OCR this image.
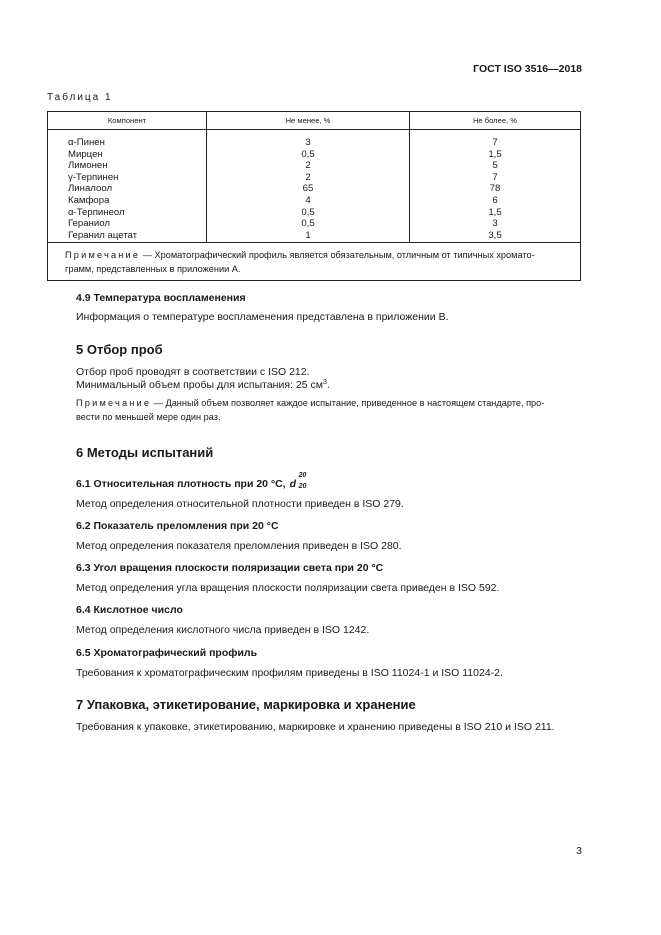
ГОСТ ISO 3516—2018
Таблица 1
Компонент	Не менее, %	Не более, %
α-Пинен	3	7
Мирцен	0,5	1,5
Лимонен	2	5
γ-Терпинен	2	7
Линалоол	65	78
Камфора	4	6
α-Терпинеол	0,5	1,5
Гераниол	0,5	3
Геранил ацетат	1	3,5
Примечание — Хроматографический профиль является обязательным, отличным от типичных хромато-
грамм, представленных в приложении А.		
4.9 Температура воспламенения
Информация о температуре воспламенения представлена в приложении В.
5 Отбор проб
Отбор проб проводят в соответствии с ISO 212.
Минимальный объем пробы для испытания: 25 $см^3$.
Примечание — Данный объем позволяет каждое испытание, приведенное в настоящем стандарте, про-
вести по меньшей мере один раз.
6 Методы испытаний
6.1 Относительная плотность при 20 °С, d
20
20
Метод определения относительной плотности приведен в ISO 279.
6.2 Показатель преломления при 20 °С
Метод определения показателя преломления приведен в ISO 280.
6.3 Угол вращения плоскости поляризации света при 20 °С
Метод определения угла вращения плоскости поляризации света приведен в ISO 592.
6.4 Кислотное число
Метод определения кислотного числа приведен в ISO 1242.
6.5 Хроматографический профиль
Требования к хроматографическим профилям приведены в ISO 11024-1 и ISO 11024-2.
7 Упаковка, этикетирование, маркировка и хранение
Требования к упаковке, этикетированию, маркировке и хранению приведены в ISO 210 и ISO 211.
3
